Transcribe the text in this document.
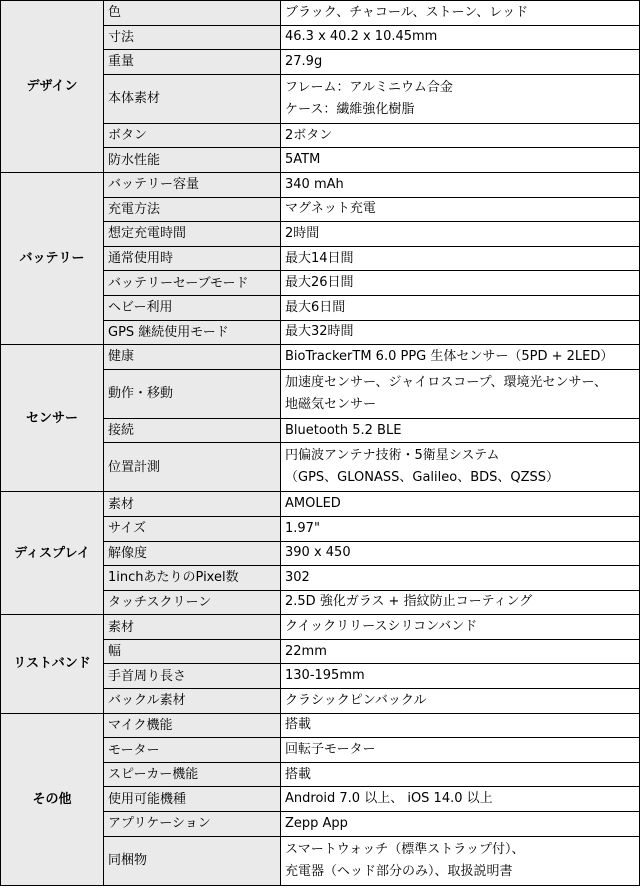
デザイン	色	ブラック、チャコール、ストーン、レッド

	寸法	46.3 x 40.2 x 10.45mm

	重量	27.9g

	本体素材	フレーム：アルミニウム合金
ケース：繊維強化樹脂

	ボタン	2ボタン

	防水性能	5ATM

バッテリー	バッテリー容量	340 mAh

	充電方法	マグネット充電

	想定充電時間	2時間

	通常使用時	最大14日間

	バッテリーセーブモード	最大26日間

	ヘビー利用	最大6日間

	GPS 継続使用モード	最大32時間

センサー	健康	BioTrackerTM 6.0 PPG 生体センサー（5PD + 2LED）

	動作・移動	加速度センサー、ジャイロスコープ、環境光センサー、
地磁気センサー

	接続	Bluetooth 5.2 BLE

	位置計測	円偏波アンテナ技術・5衛星システム
（GPS、GLONASS、Galileo、BDS、QZSS）

ディスプレイ	素材	AMOLED

	サイズ	1.97"

	解像度	390 x 450

	1inchあたりのPixel数	302

	タッチスクリーン	2.5D 強化ガラス + 指紋防止コーティング

リストバンド	素材	クイックリリースシリコンバンド

	幅	22mm

	手首周り長さ	130-195mm

	バックル素材	クラシックピンバックル

その他	マイク機能	搭載

	モーター	回転子モーター

	スピーカー機能	搭載

	使用可能機種	Android 7.0 以上、 iOS 14.0 以上

	アプリケーション	Zepp App

	同梱物	スマートウォッチ（標準ストラップ付）、
充電器（ヘッド部分のみ）、取扱説明書
